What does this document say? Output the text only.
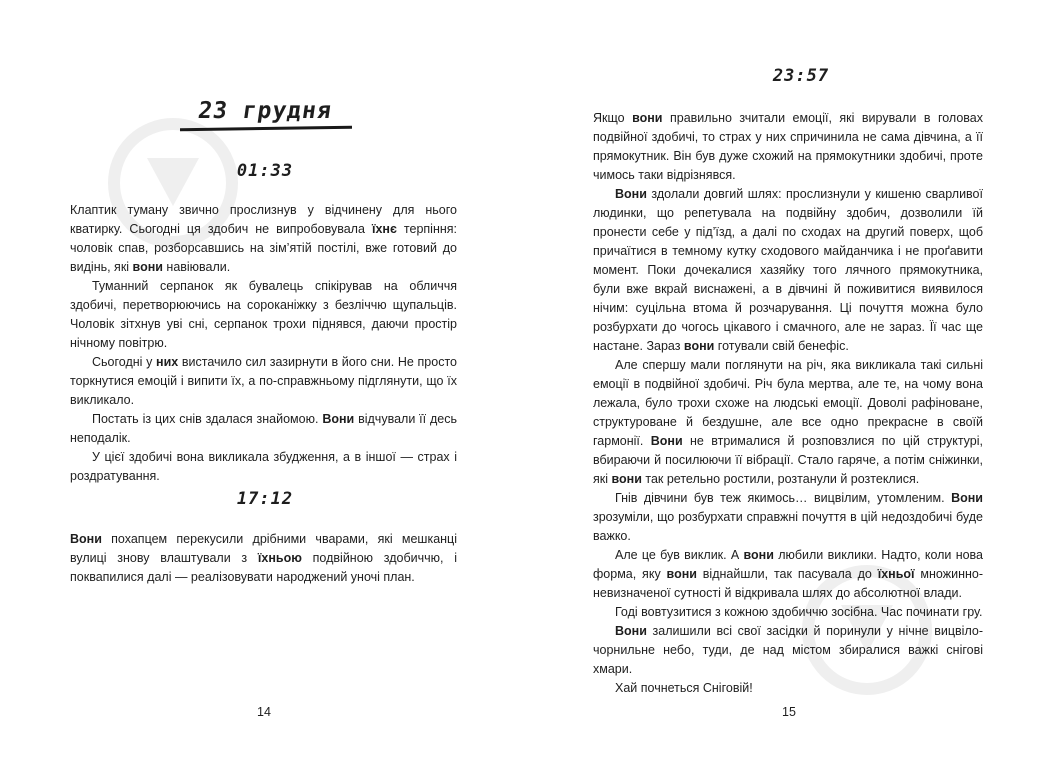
23 грудня
01:33

Клаптик туману звично прослизнув у відчинену для нього кватирку. Сьогодні ця здобич не випробовувала їхнє терпіння: чоловік спав, розборсавшись на зім’ятій постілі, вже готовий до видінь, які вони навіювали.

Туманний серпанок як бувалець спікірував на обличчя здобичі, перетворюючись на сороканіжку з безліччю щупальців. Чоловік зітхнув уві сні, серпанок трохи піднявся, даючи простір нічному повітрю.

Сьогодні у них вистачило сил зазирнути в його сни. Не просто торкнутися емоцій і випити їх, а по-справжньому підглянути, що їх викликало.

Постать із цих снів здалася знайомою. Вони відчували її десь неподалік.

У цієї здобичі вона викликала збудження, а в іншої — страх і роздратування.

17:12

Вони похапцем перекусили дрібними чварами, які мешканці вулиці знову влаштували з їхньою подвійною здобиччю, і поквапилися далі — реалізовувати народжений уночі план.

14
23:57

Якщо вони правильно зчитали емоції, які вирували в головах подвійної здобичі, то страх у них спричинила не сама дівчина, а її прямокутник. Він був дуже схожий на прямокутники здобичі, проте чимось таки відрізнявся.

Вони здолали довгий шлях: прослизнули у кишеню сварливої людинки, що репетувала на подвійну здобич, дозволили їй пронести себе у під’їзд, а далі по сходах на другий поверх, щоб причаїтися в темному кутку сходового майданчика і не проґавити момент. Поки дочекалися хазяйку того лячного прямокутника, були вже вкрай виснажені, а в дівчині й поживитися виявилося нічим: суцільна втома й розчарування. Ці почуття можна було розбурхати до чогось цікавого і смачного, але не зараз. Її час ще настане. Зараз вони готували свій бенефіс.

Але спершу мали поглянути на річ, яка викликала такі сильні емоції в подвійної здобичі. Річ була мертва, але те, на чому вона лежала, було трохи схоже на людські емоції. Доволі рафіноване, структуроване й бездушне, але все одно прекрасне в своїй гармонії. Вони не втрималися й розповзлися по цій структурі, вбираючи й посилюючи її вібрації. Стало гаряче, а потім сніжинки, які вони так ретельно ростили, розтанули й розтеклися.

Гнів дівчини був теж якимось… вицвілим, утомленим. Вони зрозуміли, що розбурхати справжні почуття в цій недоздобичі буде важко.

Але це був виклик. А вони любили виклики. Надто, коли нова форма, яку вони віднайшли, так пасувала до їхньої множинно-невизначеної сутності й відкривала шлях до абсолютної влади.

Годі вовтузитися з кожною здобиччю зосібна. Час починати гру.

Вони залишили всі свої засідки й поринули у нічне вицвіло-чорнильне небо, туди, де над містом збиралися важкі снігові хмари.

Хай почнеться Сніговій!

15
